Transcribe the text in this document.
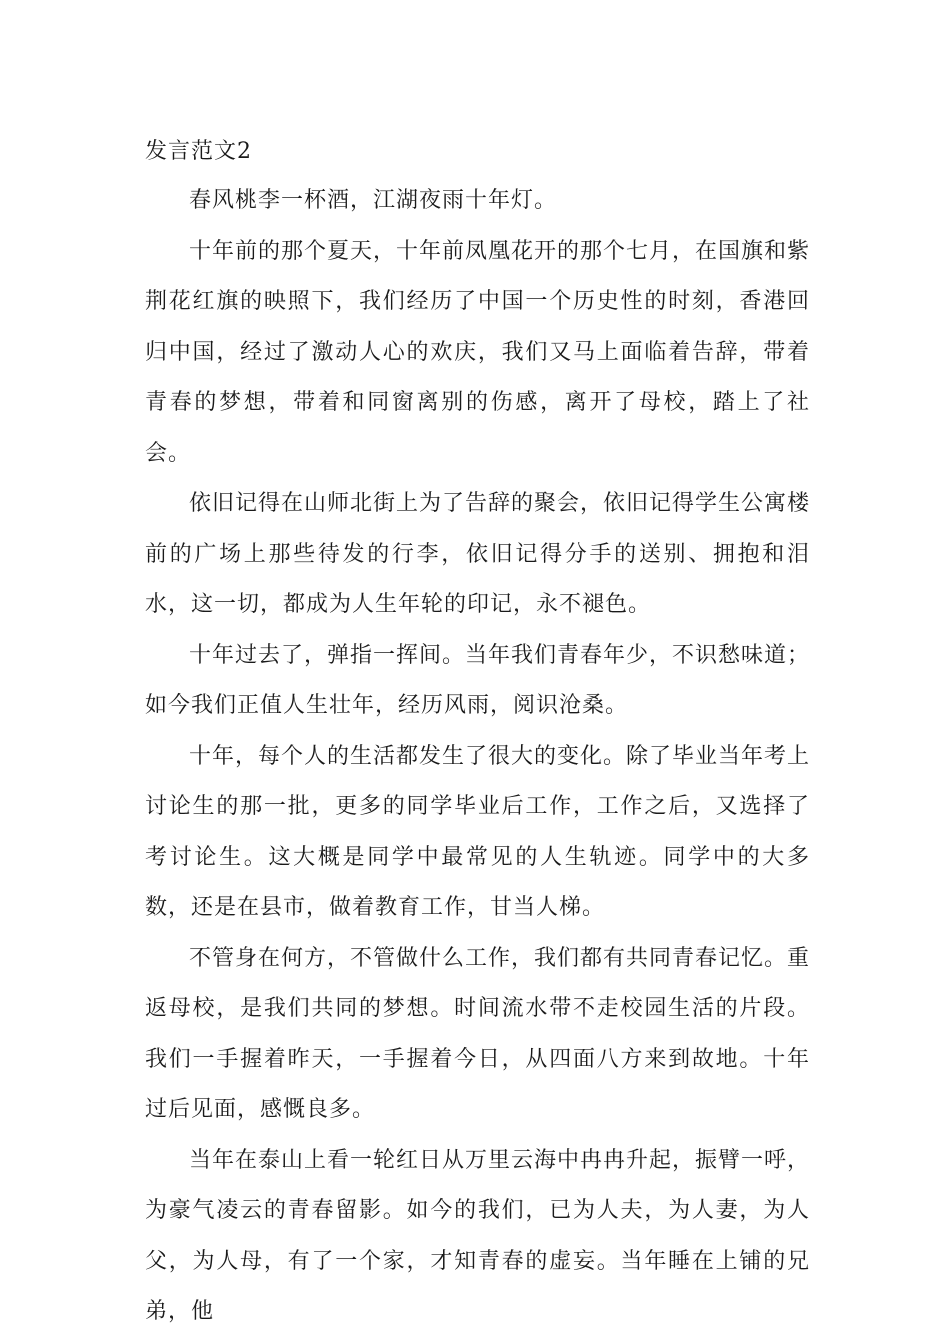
发言范文2

春风桃李一杯酒，江湖夜雨十年灯。

十年前的那个夏天，十年前凤凰花开的那个七月，在国旗和紫荆花红旗的映照下，我们经历了中国一个历史性的时刻，香港回归中国，经过了激动人心的欢庆，我们又马上面临着告辞，带着青春的梦想，带着和同窗离别的伤感，离开了母校，踏上了社会。

依旧记得在山师北街上为了告辞的聚会，依旧记得学生公寓楼前的广场上那些待发的行李，依旧记得分手的送别、拥抱和泪水，这一切，都成为人生年轮的印记，永不褪色。

十年过去了，弹指一挥间。当年我们青春年少，不识愁味道；如今我们正值人生壮年，经历风雨，阅识沧桑。

十年，每个人的生活都发生了很大的变化。除了毕业当年考上讨论生的那一批，更多的同学毕业后工作，工作之后，又选择了考讨论生。这大概是同学中最常见的人生轨迹。同学中的大多数，还是在县市，做着教育工作，甘当人梯。

不管身在何方，不管做什么工作，我们都有共同青春记忆。重返母校，是我们共同的梦想。时间流水带不走校园生活的片段。我们一手握着昨天，一手握着今日，从四面八方来到故地。十年过后见面，感慨良多。

当年在泰山上看一轮红日从万里云海中冉冉升起，振臂一呼，为豪气凌云的青春留影。如今的我们，已为人夫，为人妻，为人父，为人母，有了一个家，才知青春的虚妄。当年睡在上铺的兄弟，他
